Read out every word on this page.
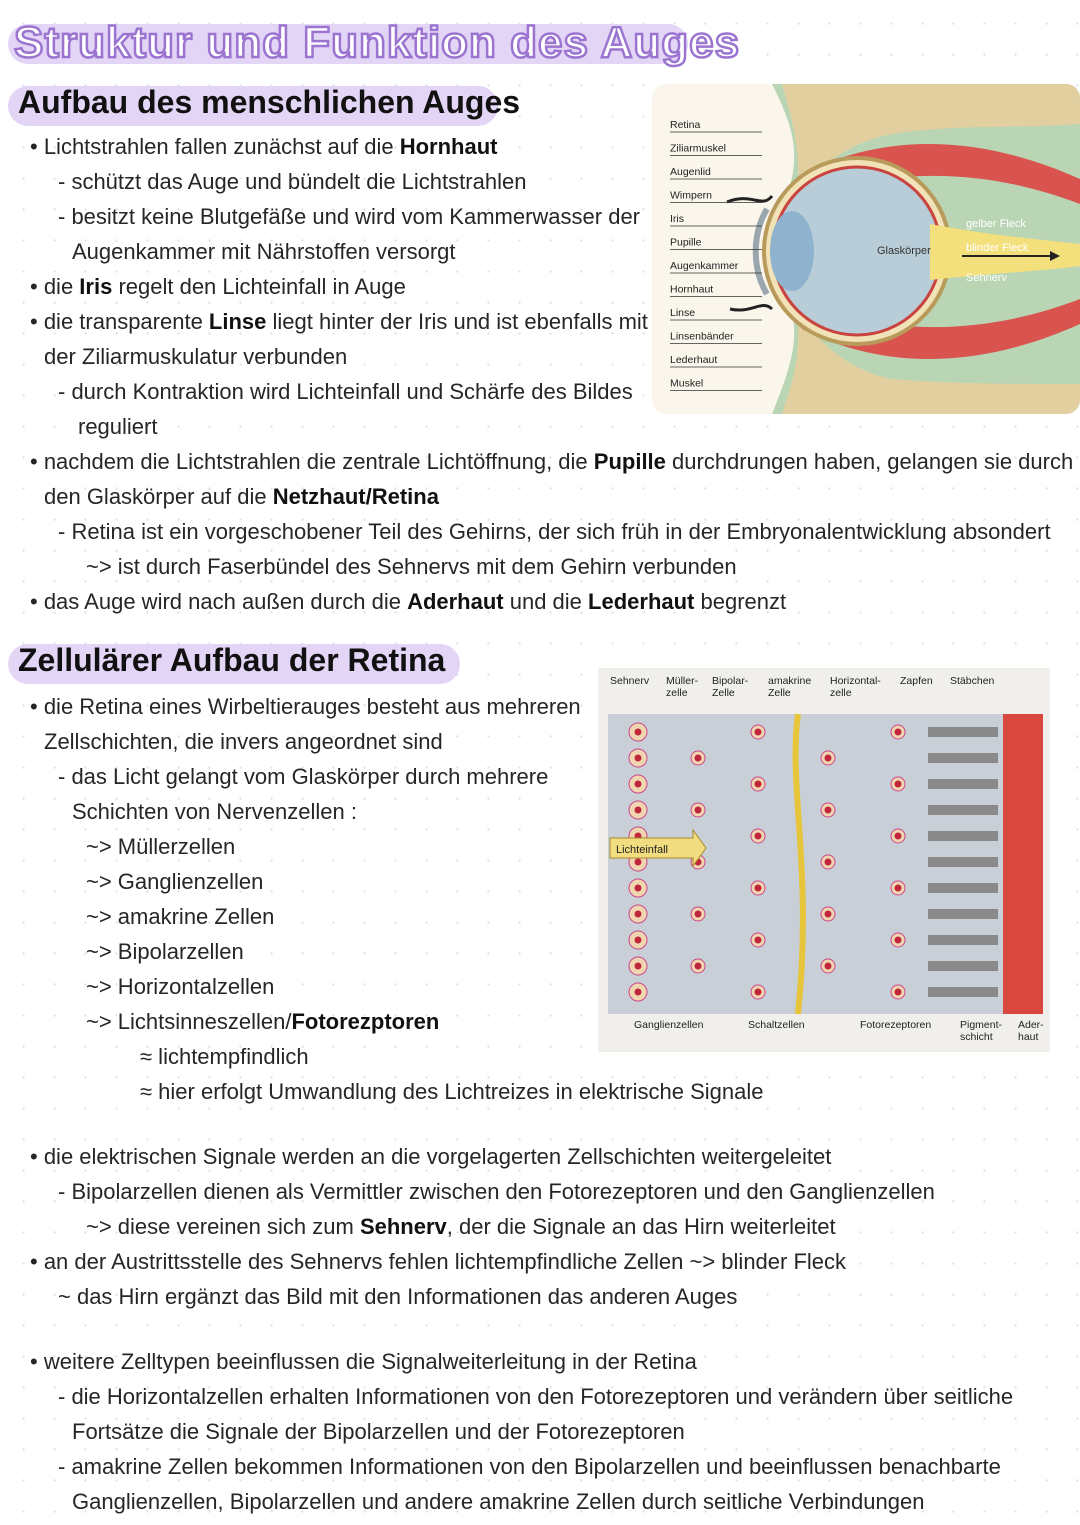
Struktur und Funktion des Auges
Aufbau des menschlichen Auges
• Lichtstrahlen fallen zunächst auf die Hornhaut
- schützt das Auge und bündelt die Lichtstrahlen
- besitzt keine Blutgefäße und wird vom Kammerwasser der
Augenkammer mit Nährstoffen versorgt
• die Iris regelt den Lichteinfall in Auge
• die transparente Linse liegt hinter der Iris und ist ebenfalls mit
der Ziliarmuskulatur verbunden
- durch Kontraktion wird Lichteinfall und Schärfe des Bildes
reguliert
• nachdem die Lichtstrahlen die zentrale Lichtöffnung, die Pupille durchdrungen haben, gelangen sie durch
den Glaskörper auf die Netzhaut/Retina
- Retina ist ein vorgeschobener Teil des Gehirns, der sich früh in der Embryonalentwicklung absondert
~> ist durch Faserbündel des Sehnervs mit dem Gehirn verbunden
• das Auge wird nach außen durch die Aderhaut und die Lederhaut begrenzt
Glaskörper
gelber Fleck
blinder Fleck
Sehnerv
Retina
Ziliarmuskel
Augenlid
Wimpern
Iris
Pupille
Augenkammer
Hornhaut
Linse
Linsenbänder
Lederhaut
Muskel
Zellulärer Aufbau der Retina
• die Retina eines Wirbeltierauges besteht aus mehreren
Zellschichten, die invers angeordnet sind
- das Licht gelangt vom Glaskörper durch mehrere
Schichten von Nervenzellen :
~> Müllerzellen
~> Ganglienzellen
~> amakrine Zellen
~> Bipolarzellen
~> Horizontalzellen
~> Lichtsinneszellen/Fotorezptoren
≈ lichtempfindlich
≈ hier erfolgt Umwandlung des Lichtreizes in elektrische Signale
Sehnerv Müller-zelle
Bipolar-Zelle
amakrine Zelle
Horizontal-zelle
Zapfen Stäbchen
Ganglienzellen	Schaltzellen	Fotorezeptoren	Pigment-schicht
Ader-haut
Lichteinfall
• die elektrischen Signale werden an die vorgelagerten Zellschichten weitergeleitet
- Bipolarzellen dienen als Vermittler zwischen den Fotorezeptoren und den Ganglienzellen
~> diese vereinen sich zum Sehnerv, der die Signale an das Hirn weiterleitet
• an der Austrittsstelle des Sehnervs fehlen lichtempfindliche Zellen ~> blinder Fleck
~ das Hirn ergänzt das Bild mit den Informationen das anderen Auges
• weitere Zelltypen beeinflussen die Signalweiterleitung in der Retina
- die Horizontalzellen erhalten Informationen von den Fotorezeptoren und verändern über seitliche
Fortsätze die Signale der Bipolarzellen und der Fotorezeptoren
- amakrine Zellen bekommen Informationen von den Bipolarzellen und beeinflussen benachbarte
Ganglienzellen, Bipolarzellen und andere amakrine Zellen durch seitliche Verbindungen
